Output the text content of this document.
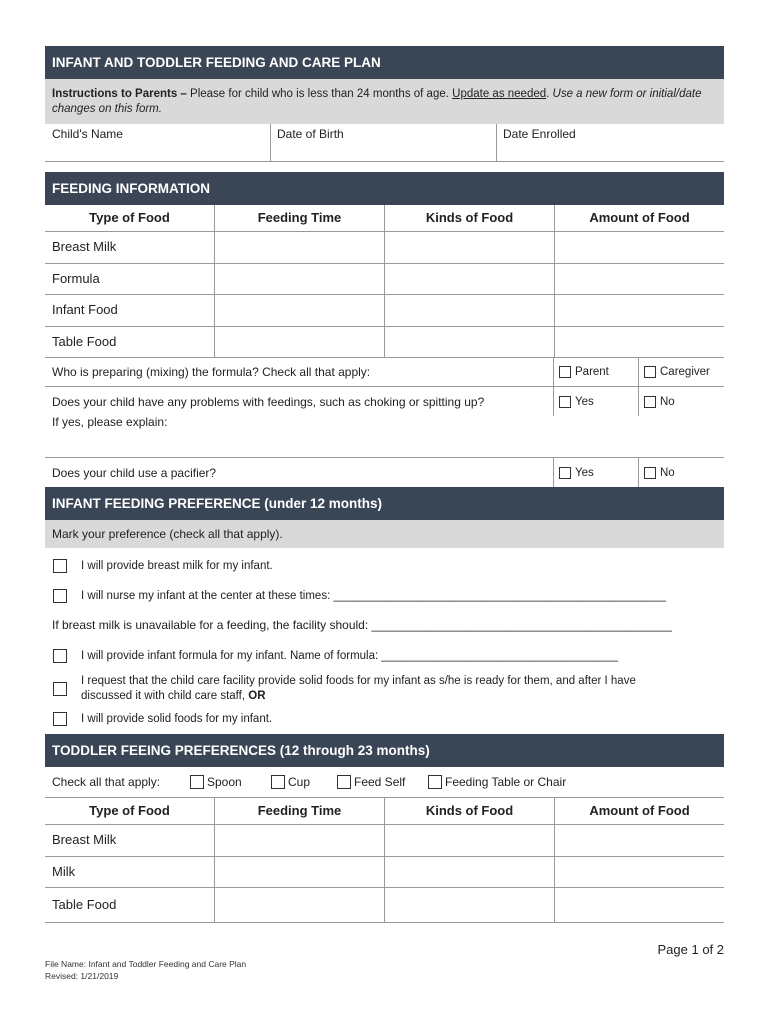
INFANT AND TODDLER FEEDING AND CARE PLAN
Instructions to Parents – Please for child who is less than 24 months of age. Update as needed. Use a new form or initial/date changes on this form.
Child's Name	Date of Birth	Date Enrolled
FEEDING INFORMATION
Type of Food	Feeding Time	Kinds of Food	Amount of Food
Breast Milk
Formula
Infant Food
Table Food
Who is preparing (mixing) the formula? Check all that apply:	Parent	Caregiver
Does your child have any problems with feedings, such as choking or spitting up?	Yes	No
If yes, please explain:
Does your child use a pacifier?	Yes	No
INFANT FEEDING PREFERENCE (under 12 months)
Mark your preference (check all that apply).
I will provide breast milk for my infant.
I will nurse my infant at the center at these times: ____________________________________________________
If breast milk is unavailable for a feeding, the facility should: _____________________________________________
I will provide infant formula for my infant. Name of formula: _____________________________________
I request that the child care facility provide solid foods for my infant as s/he is ready for them, and after I have
discussed it with child care staff, OR
I will provide solid foods for my infant.
TODDLER FEEING PREFERENCES (12 through 23 months)
Check all that apply:	Spoon	Cup	Feed Self	Feeding Table or Chair
Type of Food	Feeding Time	Kinds of Food	Amount of Food
Breast Milk
Milk
Table Food
Page 1 of 2
File Name: Infant and Toddler Feeding and Care Plan
Revised: 1/21/2019
